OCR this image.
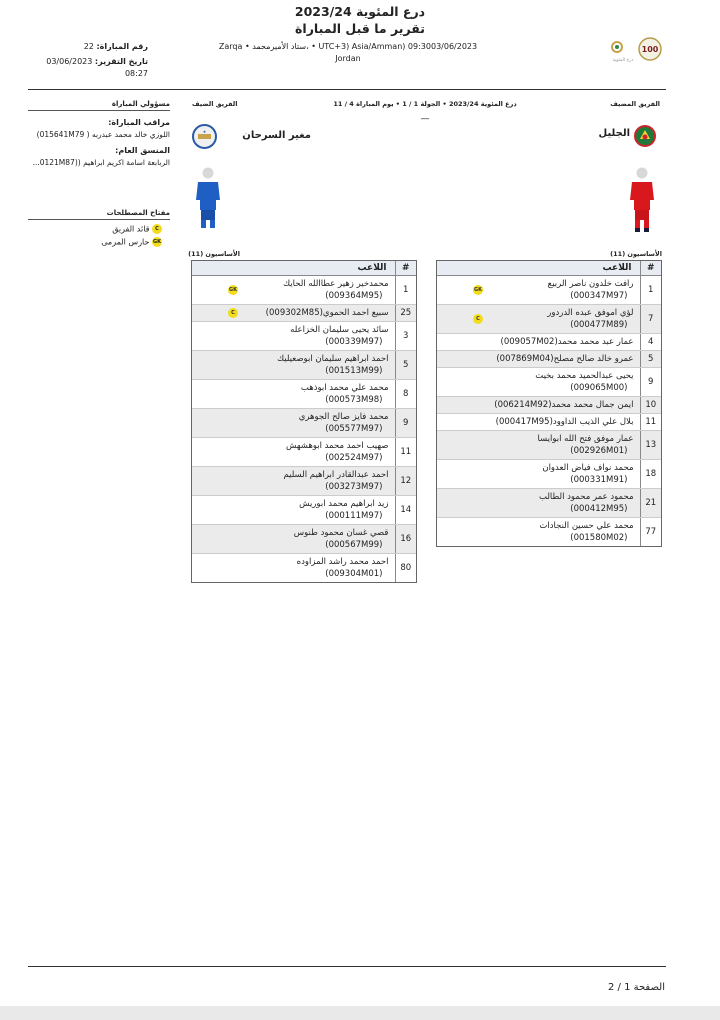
درع المئوية 2023/24
تقرير ما قبل المباراة
رقم المباراة: 22
تاريخ التقرير: 03/06/2023
08:27
Zarqa • ستاد الأميرمحمد، • UTC+3) Asia/Amman) 09:3003/06/2023
Jordan
100
درع المئوية
مسؤولي المباراة
مراقب المباراة:
اللوزي خالد محمد عبدربه ( 015641M79)
المنسق العام:
الربابعة اسامة اكريم ابراهيم ((0121M87...
مفتاح المصطلحات
C قائد الفريق
GK حارس المرمى
الفريق المضيف
درع المئوية 2023/24 • الجولة 1 / 1 • يوم المباراة 4 / 11
الفريق الضيف
—
الجليل
مغير السرحان
★
الأساسيون (11)
الأساسيون (11)
#	اللاعب
1	رافت خلدون ناصر الربيع
(000347M97)
GK

7	لؤي اموفق عبده الدردور
(000477M89)
C

4	عمار عبد محمد محمد(009057M02)

5	عمرو خالد صالح مصلح(007869M04)

9	يحيى عبدالحميد محمد بخيت
(009065M00)

10	ايمن جمال محمد محمد(006214M92)

11	بلال علي الذيب الداوود(000417M95)

13	عمار موفق فتح الله ابوايسا
(002926M01)

18	محمد نواف فياض العدوان
(000331M91)

21	محمود عمر محمود الطالب
(000412M95)

77	محمد علي حسين النجادات
(001580M02)
#	اللاعب
1	محمدخير زهير عطاالله الحايك
(009364M95)
GK

25	سبيع احمد الحموي(009302M85)
C

3	سائد يحيى سليمان الخزاعله
(000339M97)

5	احمد ابراهيم سليمان ابوصعيليك
(001513M99)

8	محمد علي محمد ابوذهب
(000573M98)

9	محمد فايز صالح الجوهري
(005577M97)

11	صهيب احمد محمد ابوهشهش
(002524M97)

12	احمد عبدالقادر ابراهيم السليم
(003273M97)

14	زيد ابراهيم محمد ابوريش
(000111M97)

16	قصي غسان محمود طنوس
(000567M99)

80	احمد محمد راشد المزاوده
(009304M01)
الصفحة 1 / 2
